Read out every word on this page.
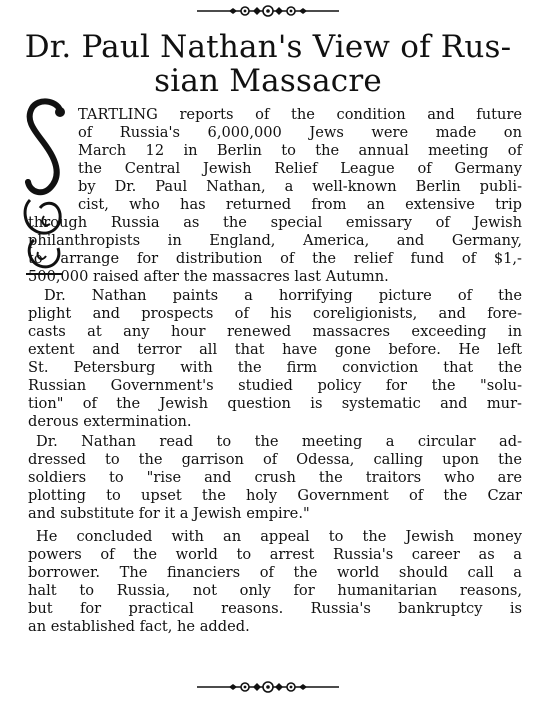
Dr. Paul Nathan's View of Rus-
sian Massacre

TARTLING reports of the condition and future

of Russia's 6,000,000 Jews were made on

March 12 in Berlin to the annual meeting of

the Central Jewish Relief League of Germany

by Dr. Paul Nathan, a well-known Berlin publi-

cist, who has returned from an extensive trip

through Russia as the special emissary of Jewish

philanthropists in England, America, and Germany,

to arrange for distribution of the relief fund of $1,-

500,000 raised after the massacres last Autumn.

Dr. Nathan paints a horrifying picture of the

plight and prospects of his coreligionists, and fore-

casts at any hour renewed massacres exceeding in

extent and terror all that have gone before. He left

St. Petersburg with the firm conviction that the

Russian Government's studied policy for the "solu-

tion" of the Jewish question is systematic and mur-

derous extermination.

Dr. Nathan read to the meeting a circular ad-

dressed to the garrison of Odessa, calling upon the

soldiers to "rise and crush the traitors who are

plotting to upset the holy Government of the Czar

and substitute for it a Jewish empire."

He concluded with an appeal to the Jewish money

powers of the world to arrest Russia's career as a

borrower. The financiers of the world should call a

halt to Russia, not only for humanitarian reasons,

but for practical reasons. Russia's bankruptcy is

an established fact, he added.
